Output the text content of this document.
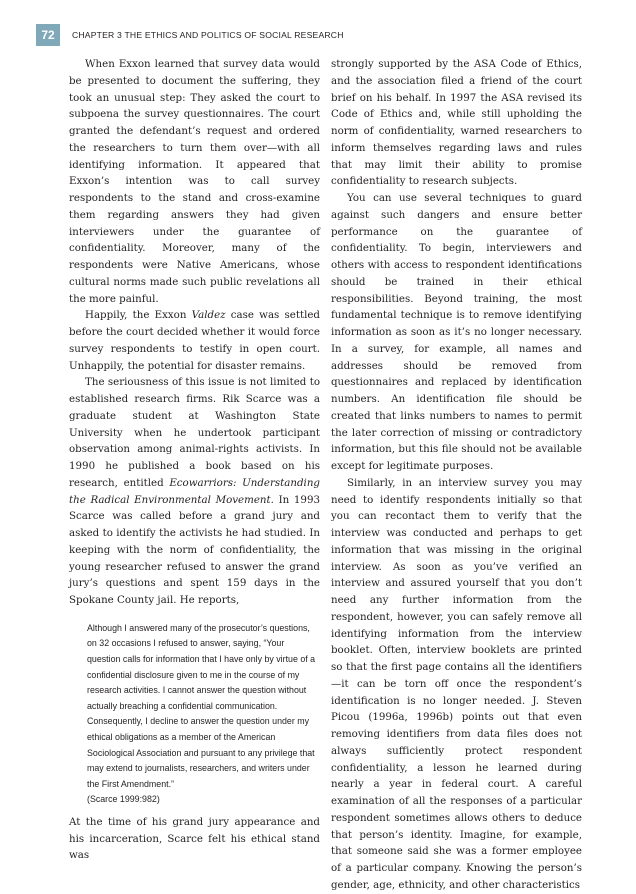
72	CHAPTER 3 THE ETHICS AND POLITICS OF SOCIAL RESEARCH

When Exxon learned that survey data would be presented to document the suffering, they took an unusual step: They asked the court to subpoena the survey questionnaires. The court granted the defendant’s request and ordered the researchers to turn them over—with all identifying information. It appeared that Exxon’s intention was to call survey respondents to the stand and cross-examine them regarding answers they had given interviewers under the guarantee of confidentiality. Moreover, many of the respondents were Native Americans, whose cultural norms made such public revelations all the more painful.

Happily, the Exxon Valdez case was settled before the court decided whether it would force survey respondents to testify in open court. Unhappily, the potential for disaster remains.

The seriousness of this issue is not limited to established research firms. Rik Scarce was a graduate student at Washington State University when he undertook participant observation among animal-rights activists. In 1990 he published a book based on his research, entitled Ecowarriors: Understanding the Radical Environmental Movement. In 1993 Scarce was called before a grand jury and asked to identify the activists he had studied. In keeping with the norm of confidentiality, the young researcher refused to answer the grand jury’s questions and spent 159 days in the Spokane County jail. He reports,

Although I answered many of the prosecutor’s questions, on 32 occasions I refused to answer, saying, “Your question calls for information that I have only by virtue of a confidential disclosure given to me in the course of my research activities. I cannot answer the question without actually breaching a confidential communication. Consequently, I decline to answer the question under my ethical obligations as a member of the American Sociological Association and pursuant to any privilege that may extend to journalists, researchers, and writers under the First Amendment.”
(Scarce 1999:982)

At the time of his grand jury appearance and his incarceration, Scarce felt his ethical stand was

strongly supported by the ASA Code of Ethics, and the association filed a friend of the court brief on his behalf. In 1997 the ASA revised its Code of Ethics and, while still upholding the norm of confidentiality, warned researchers to inform themselves regarding laws and rules that may limit their ability to promise confidentiality to research subjects.

You can use several techniques to guard against such dangers and ensure better performance on the guarantee of confidentiality. To begin, interviewers and others with access to respondent identifications should be trained in their ethical responsibilities. Beyond training, the most fundamental technique is to remove identifying information as soon as it’s no longer necessary. In a survey, for example, all names and addresses should be removed from questionnaires and replaced by identification numbers. An identification file should be created that links numbers to names to permit the later correction of missing or contradictory information, but this file should not be available except for legitimate purposes.

Similarly, in an interview survey you may need to identify respondents initially so that you can recontact them to verify that the interview was conducted and perhaps to get information that was missing in the original interview. As soon as you’ve verified an interview and assured yourself that you don’t need any further information from the respondent, however, you can safely remove all identifying information from the interview booklet. Often, interview booklets are printed so that the first page contains all the identifiers—it can be torn off once the respondent’s identification is no longer needed. J. Steven Picou (1996a, 1996b) points out that even removing identifiers from data files does not always sufficiently protect respondent confidentiality, a lesson he learned during nearly a year in federal court. A careful examination of all the responses of a particular respondent sometimes allows others to deduce that person’s identity. Imagine, for example, that someone said she was a former employee of a particular company. Knowing the person’s gender, age, ethnicity, and other characteristics
